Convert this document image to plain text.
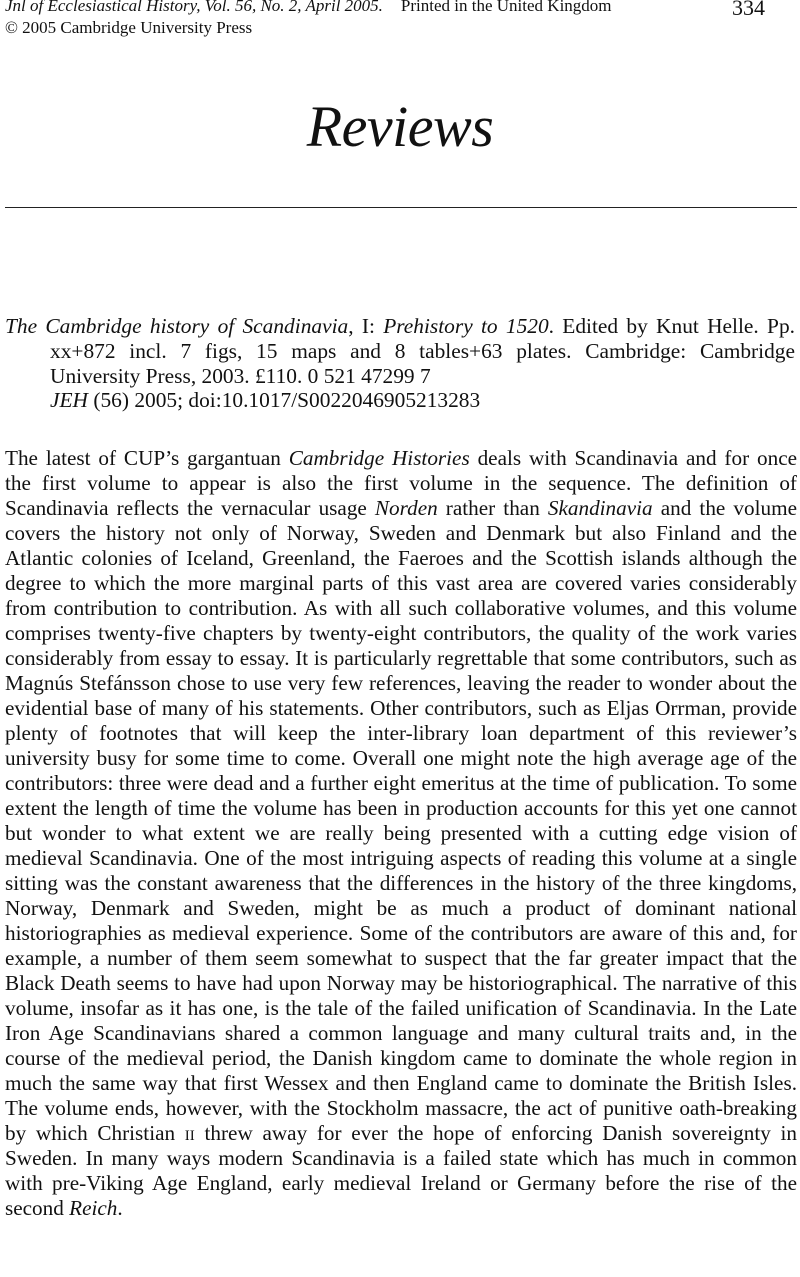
Jnl of Ecclesiastical History, Vol. 56, No. 2, April 2005. Printed in the United Kingdom	334
© 2005 Cambridge University Press
Reviews

The Cambridge history of Scandinavia, I: Prehistory to 1520. Edited by Knut Helle. Pp. xx+872 incl. 7 figs, 15 maps and 8 tables+63 plates. Cambridge: Cambridge University Press, 2003. £110. 0 521 47299 7

JEH (56) 2005; doi:10.1017/S0022046905213283

The latest of CUP’s gargantuan Cambridge Histories deals with Scandinavia and for once the first volume to appear is also the first volume in the sequence. The definition of Scandinavia reflects the vernacular usage Norden rather than Skandinavia and the volume covers the history not only of Norway, Sweden and Denmark but also Finland and the Atlantic colonies of Iceland, Greenland, the Faeroes and the Scottish islands although the degree to which the more marginal parts of this vast area are covered varies considerably from contribution to contribution. As with all such collaborative volumes, and this volume comprises twenty-five chapters by twenty-eight contributors, the quality of the work varies considerably from essay to essay. It is particularly regrettable that some contributors, such as Magnús Stefánsson chose to use very few references, leaving the reader to wonder about the evidential base of many of his statements. Other contributors, such as Eljas Orrman, provide plenty of footnotes that will keep the inter-library loan department of this reviewer’s university busy for some time to come. Overall one might note the high average age of the contributors: three were dead and a further eight emeritus at the time of publication. To some extent the length of time the volume has been in production accounts for this yet one cannot but wonder to what extent we are really being presented with a cutting edge vision of medieval Scandinavia. One of the most intriguing aspects of reading this volume at a single sitting was the constant awareness that the differences in the history of the three kingdoms, Norway, Denmark and Sweden, might be as much a product of dominant national historiographies as medieval experience. Some of the contributors are aware of this and, for example, a number of them seem somewhat to suspect that the far greater impact that the Black Death seems to have had upon Norway may be historiographical. The narrative of this volume, insofar as it has one, is the tale of the failed unification of Scandinavia. In the Late Iron Age Scandinavians shared a common language and many cultural traits and, in the course of the medieval period, the Danish kingdom came to dominate the whole region in much the same way that first Wessex and then England came to dominate the British Isles. The volume ends, however, with the Stockholm massacre, the act of punitive oath-breaking by which Christian ii threw away for ever the hope of enforcing Danish sovereignty in Sweden. In many ways modern Scandinavia is a failed state which has much in common with pre-Viking Age England, early medieval Ireland or Germany before the rise of the second Reich.
